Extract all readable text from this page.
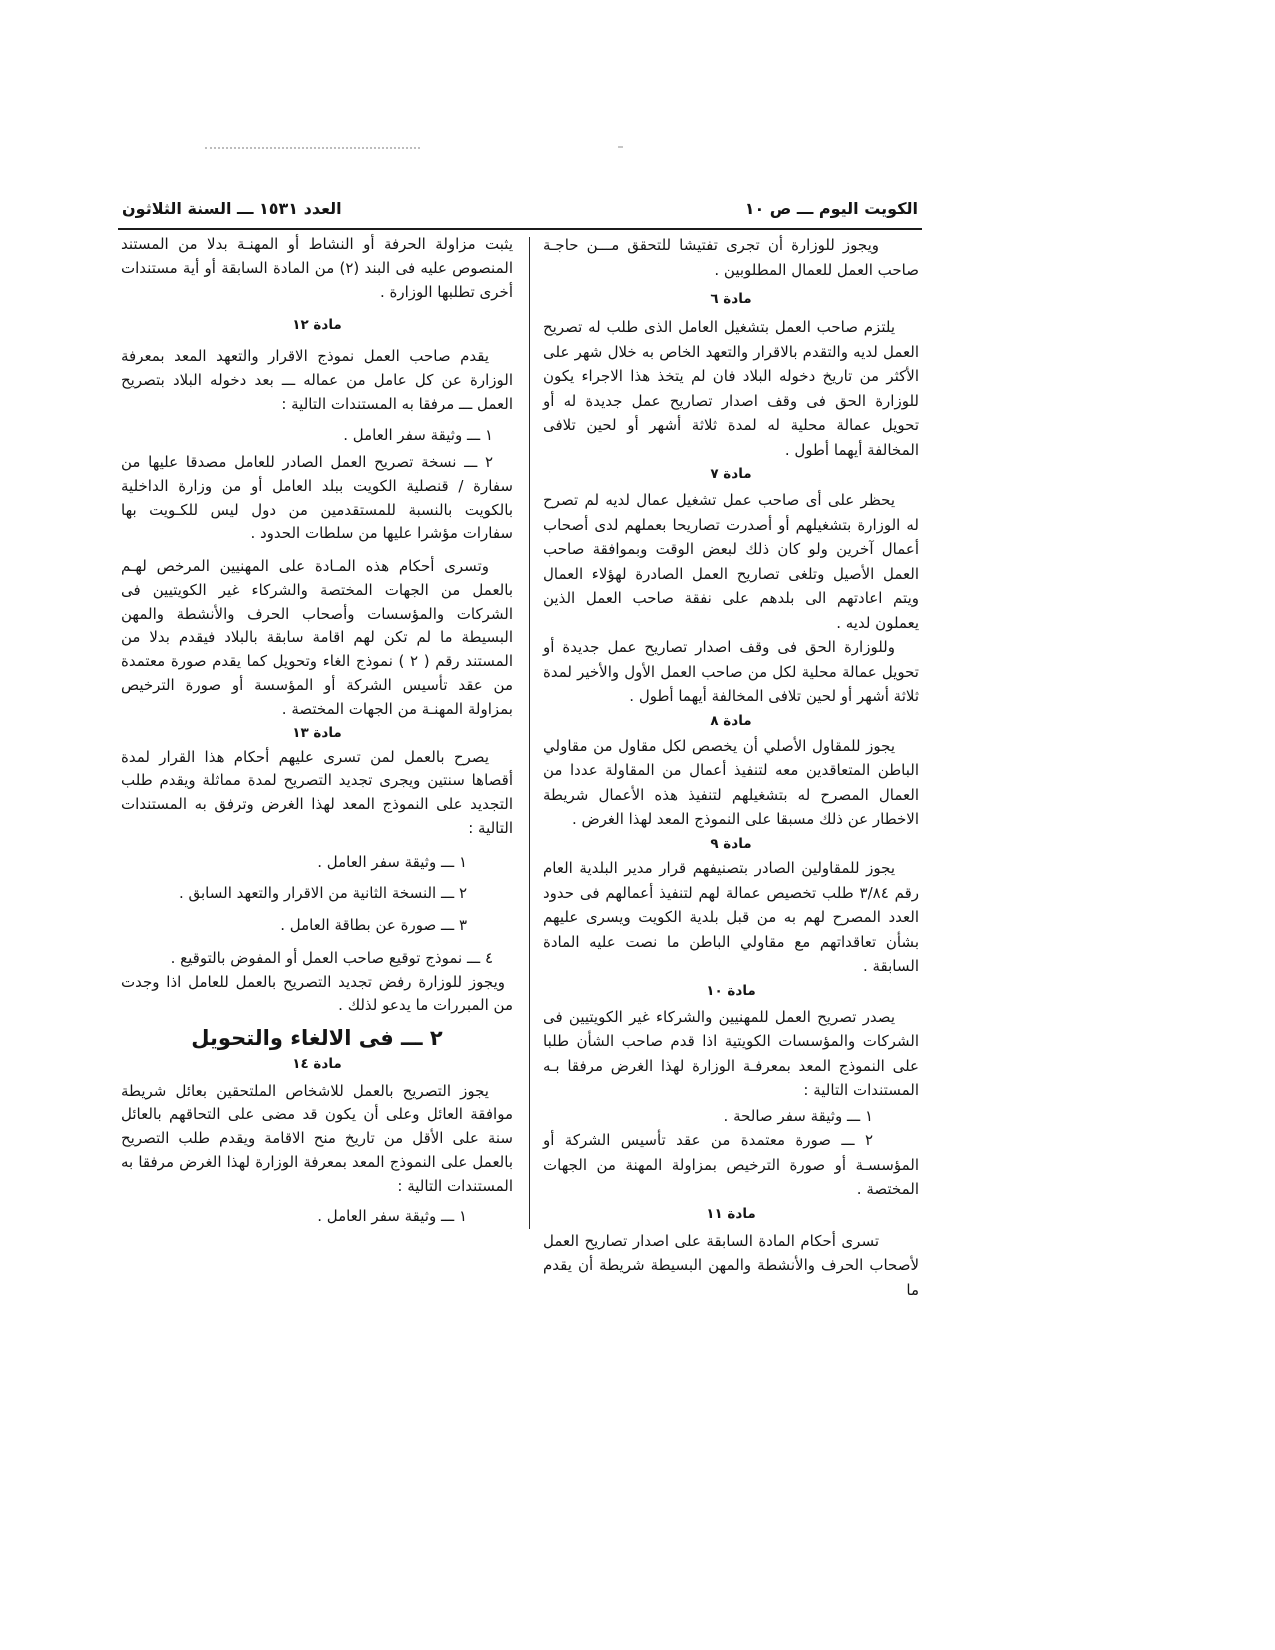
الكويت اليوم ـــ ص ١٠
العدد ١٥٣١ ـــ السنة الثلاثون

ويجوز للوزارة أن تجرى تفتيشا للتحقق مـــن حاجـة صاحب العمل للعمال المطلوبين .

مادة ٦

يلتزم صاحب العمل بتشغيل العامل الذى طلب له تصريح العمل لديه والتقدم بالاقرار والتعهد الخاص به خلال شهر على الأكثر من تاريخ دخوله البلاد فان لم يتخذ هذا الاجراء يكون للوزارة الحق فى وقف اصدار تصاريح عمل جديدة له أو تحويل عمالة محلية له لمدة ثلاثة أشهر أو لحين تلافى المخالفة أيهما أطول .

مادة ٧

يحظر على أى صاحب عمل تشغيل عمال لديه لم تصرح له الوزارة بتشغيلهم أو أصدرت تصاريحا بعملهم لدى أصحاب أعمال آخرين ولو كان ذلك لبعض الوقت وبموافقة صاحب العمل الأصيل وتلغى تصاريح العمل الصادرة لهؤلاء العمال ويتم اعادتهم الى بلدهم على نفقة صاحب العمل الذين يعملون لديه .

وللوزارة الحق فى وقف اصدار تصاريح عمل جديدة أو تحويل عمالة محلية لكل من صاحب العمل الأول والأخير لمدة ثلاثة أشهر أو لحين تلافى المخالفة أيهما أطول .

مادة ٨

يجوز للمقاول الأصلي أن يخصص لكل مقاول من مقاولي الباطن المتعاقدين معه لتنفيذ أعمال من المقاولة عددا من العمال المصرح له بتشغيلهم لتنفيذ هذه الأعمال شريطة الاخطار عن ذلك مسبقا على النموذج المعد لهذا الغرض .

مادة ٩

يجوز للمقاولين الصادر بتصنيفهم قرار مدير البلدية العام رقم ٣/٨٤ طلب تخصيص عمالة لهم لتنفيذ أعمالهم فى حدود العدد المصرح لهم به من قبل بلدية الكويت ويسرى عليهم بشأن تعاقداتهم مع مقاولي الباطن ما نصت عليه المادة السابقة .

مادة ١٠

يصدر تصريح العمل للمهنيين والشركاء غير الكويتيين فى الشركات والمؤسسات الكويتية اذا قدم صاحب الشأن طلبا على النموذج المعد بمعرفـة الوزارة لهذا الغرض مرفقا بـه المستندات التالية :

١ ـــ وثيقة سفر صالحة .

٢ ـــ صورة معتمدة من عقد تأسيس الشركة أو المؤسسـة أو صورة الترخيص بمزاولة المهنة من الجهات المختصة .

مادة ١١

تسرى أحكام المادة السابقة على اصدار تصاريح العمل لأصحاب الحرف والأنشطة والمهن البسيطة شريطة أن يقدم ما

يثبت مزاولة الحرفة أو النشاط أو المهنـة بدلا من المستند المنصوص عليه فى البند (٢) من المادة السابقة أو أية مستندات أخرى تطلبها الوزارة .

مادة ١٢

يقدم صاحب العمل نموذج الاقرار والتعهد المعد بمعرفة الوزارة عن كل عامل من عماله ـــ بعد دخوله البلاد بتصريح العمل ـــ مرفقا به المستندات التالية :

١ ـــ وثيقة سفر العامل .

٢ ـــ نسخة تصريح العمل الصادر للعامل مصدقا عليها من سفارة / قنصلية الكويت ببلد العامل أو من وزارة الداخلية بالكويت بالنسبة للمستقدمين من دول ليس للكـويت بها سفارات مؤشرا عليها من سلطات الحدود .

وتسرى أحكام هذه المـادة على المهنيين المرخص لهـم بالعمل من الجهات المختصة والشركاء غير الكويتيين فى الشركات والمؤسسات وأصحاب الحرف والأنشطة والمهن البسيطة ما لم تكن لهم اقامة سابقة بالبلاد فيقدم بدلا من المستند رقم ( ٢ ) نموذج الغاء وتحويل كما يقدم صورة معتمدة من عقد تأسيس الشركة أو المؤسسة أو صورة الترخيص بمزاولة المهنـة من الجهات المختصة .

مادة ١٣

يصرح بالعمل لمن تسرى عليهم أحكام هذا القرار لمدة أقصاها سنتين ويجرى تجديد التصريح لمدة مماثلة ويقدم طلب التجديد على النموذج المعد لهذا الغرض وترفق به المستندات التالية :

١ ـــ وثيقة سفر العامل .

٢ ـــ النسخة الثانية من الاقرار والتعهد السابق .

٣ ـــ صورة عن بطاقة العامل .

٤ ـــ نموذج توقيع صاحب العمل أو المفوض بالتوقيع .

ويجوز للوزارة رفض تجديد التصريح بالعمل للعامل اذا وجدت من المبررات ما يدعو لذلك .

٢ ـــ فى الالغاء والتحويل

مادة ١٤

يجوز التصريح بالعمل للاشخاص الملتحقين بعائل شريطة موافقة العائل وعلى أن يكون قد مضى على التحاقهم بالعائل سنة على الأقل من تاريخ منح الاقامة ويقدم طلب التصريح بالعمل على النموذج المعد بمعرفة الوزارة لهذا الغرض مرفقا به المستندات التالية :

١ ـــ وثيقة سفر العامل .
